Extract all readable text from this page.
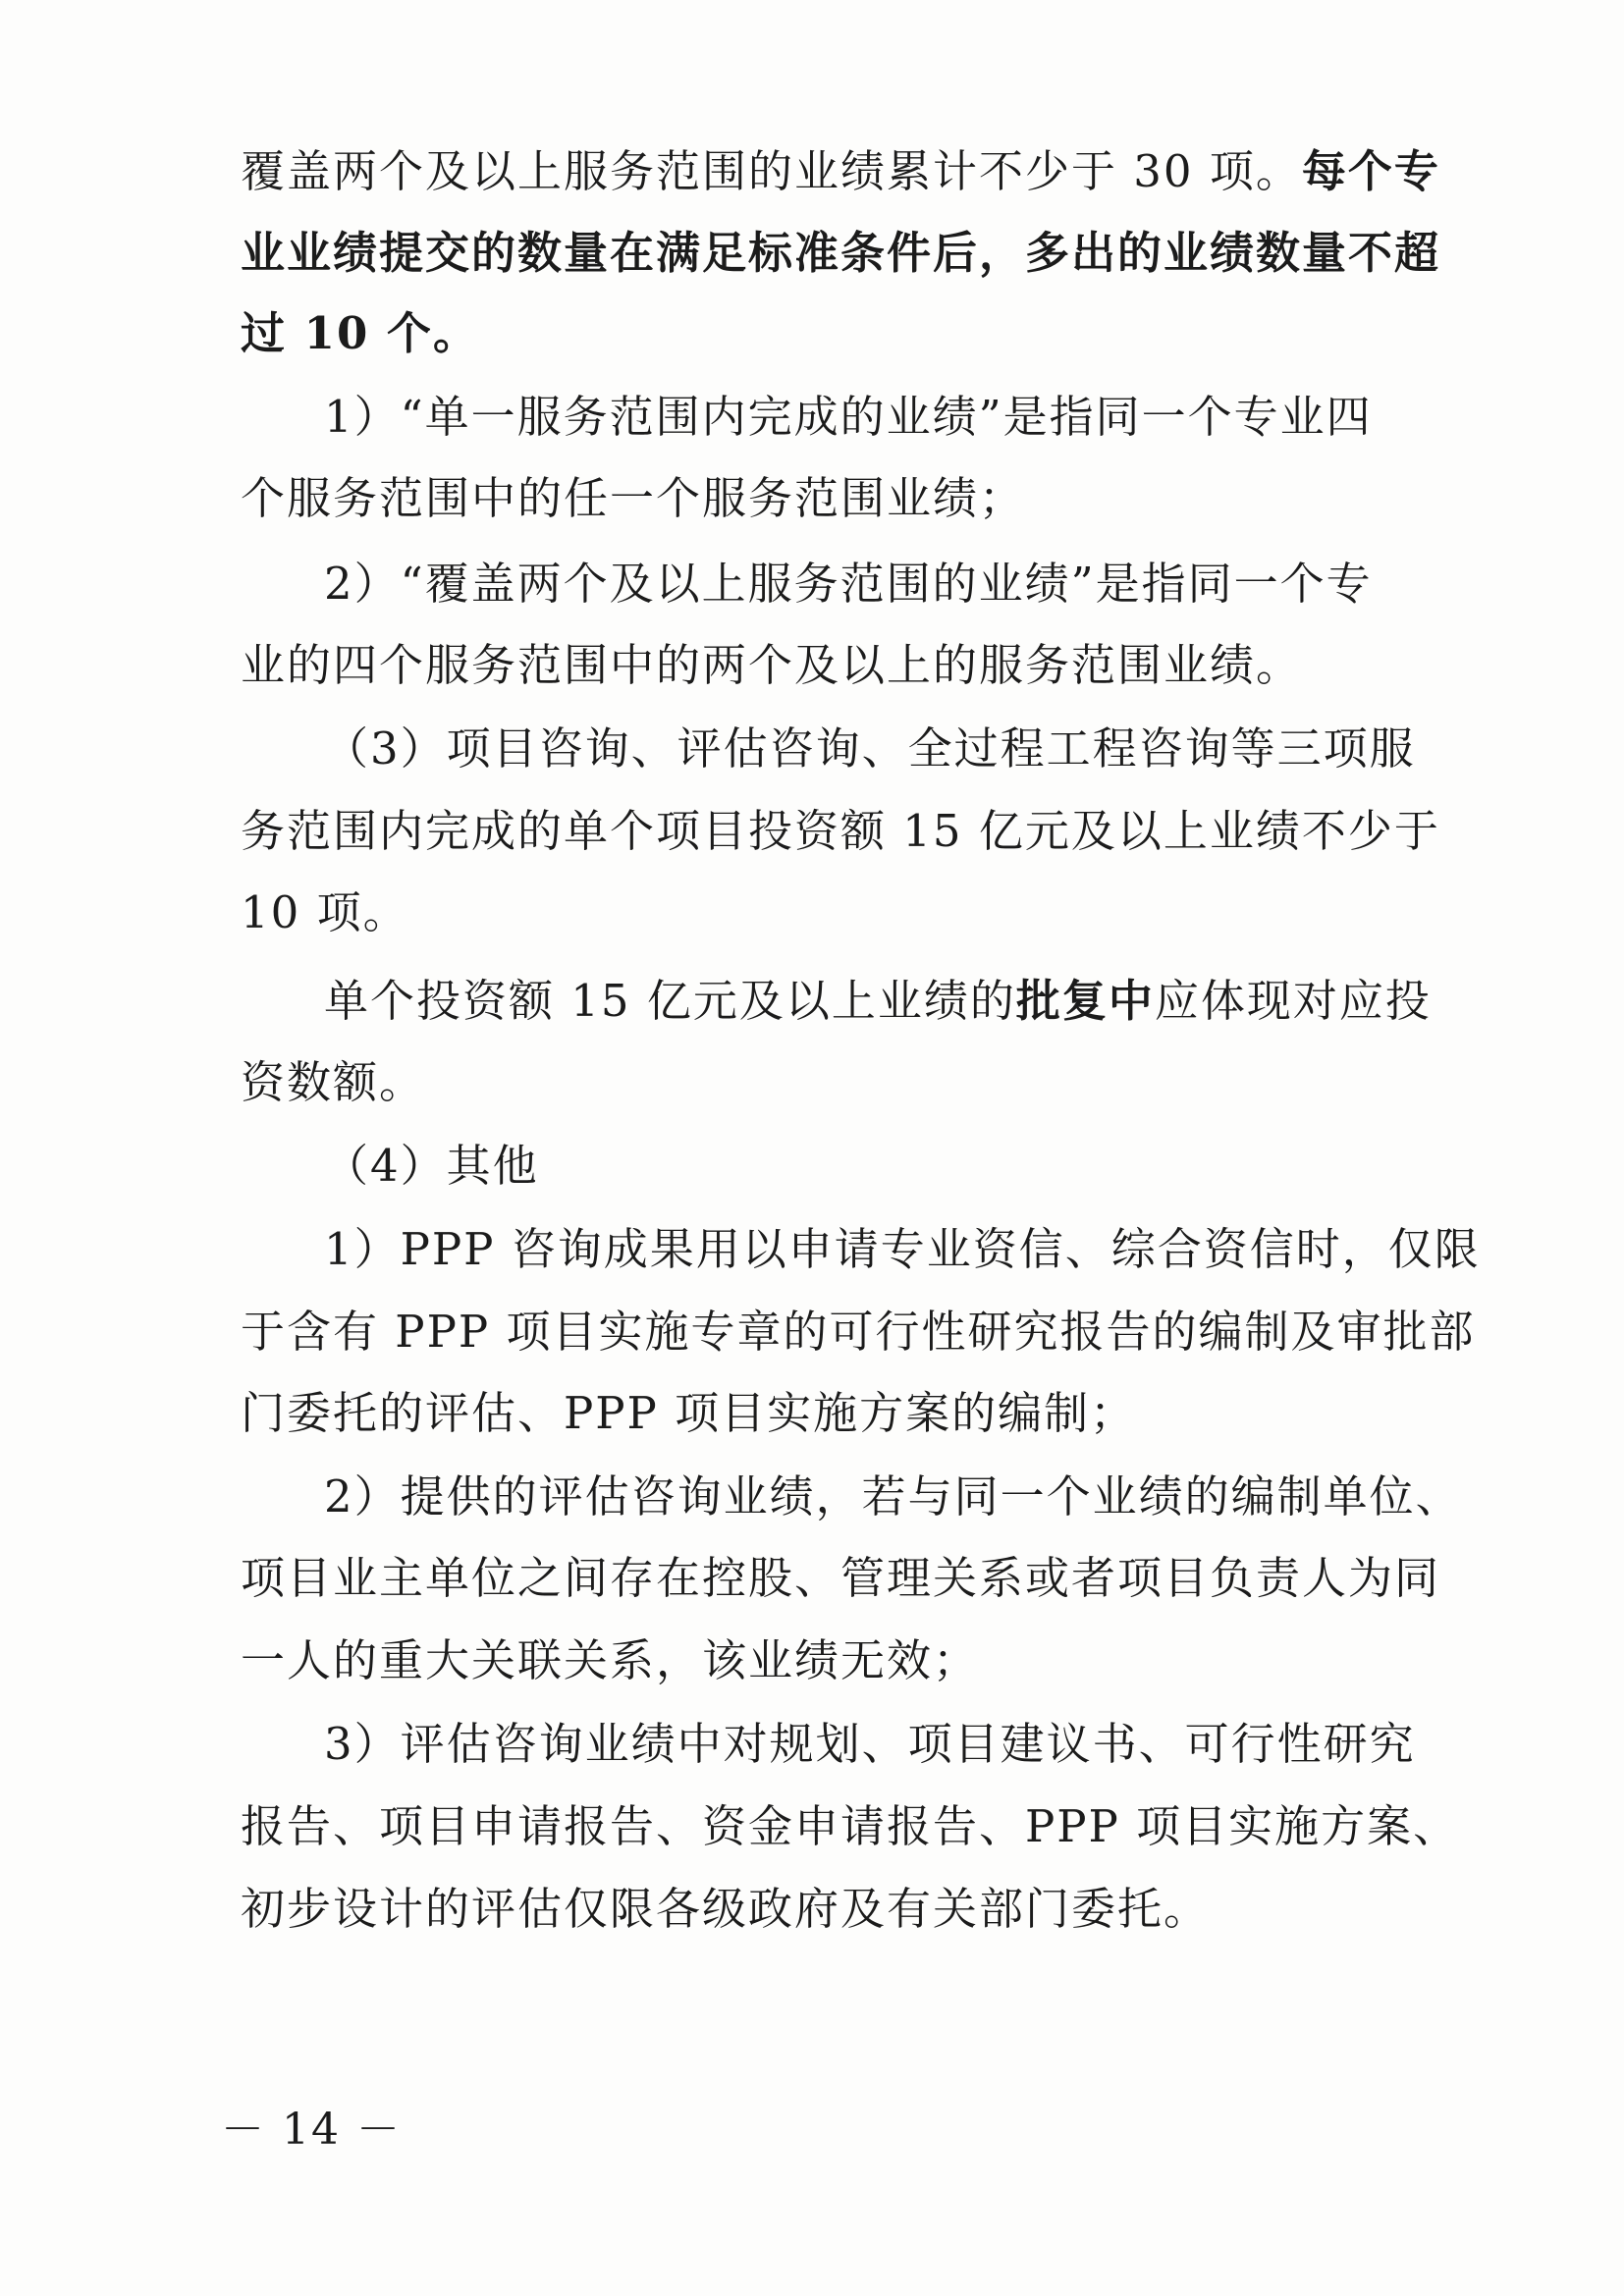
覆盖两个及以上服务范围的业绩累计不少于 30 项。每个专
业业绩提交的数量在满足标准条件后，多出的业绩数量不超
过 10 个。
1）“单一服务范围内完成的业绩”是指同一个专业四
个服务范围中的任一个服务范围业绩；
2）“覆盖两个及以上服务范围的业绩”是指同一个专
业的四个服务范围中的两个及以上的服务范围业绩。
（3）项目咨询、评估咨询、全过程工程咨询等三项服
务范围内完成的单个项目投资额 15 亿元及以上业绩不少于
10 项。
单个投资额 15 亿元及以上业绩的批复中应体现对应投
资数额。
（4）其他
1）PPP 咨询成果用以申请专业资信、综合资信时，仅限
于含有 PPP 项目实施专章的可行性研究报告的编制及审批部
门委托的评估、PPP 项目实施方案的编制；
2）提供的评估咨询业绩，若与同一个业绩的编制单位、
项目业主单位之间存在控股、管理关系或者项目负责人为同
一人的重大关联关系，该业绩无效；
3）评估咨询业绩中对规划、项目建议书、可行性研究
报告、项目申请报告、资金申请报告、PPP 项目实施方案、
初步设计的评估仅限各级政府及有关部门委托。
－ 14 －
